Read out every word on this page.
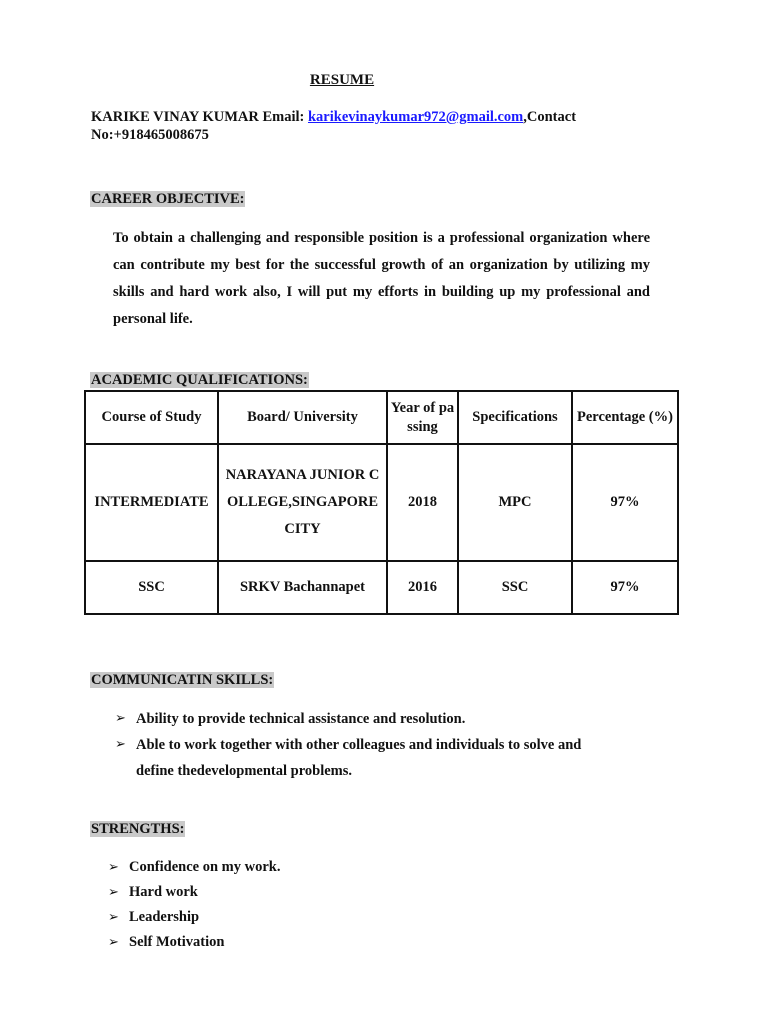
RESUME
KARIKE VINAY KUMAR Email: karikevinaykumar972@gmail.com,Contact No:+918465008675
CAREER OBJECTIVE:

To obtain a challenging and responsible position is a professional organization where can contribute my best for the successful growth of an organization by utilizing my skills and hard work also, I will put my efforts in building up my professional and personal life.

ACADEMIC QUALIFICATIONS:
Course of Study	Board/ University	Year of passing	Specifications	Percentage (%)
INTERMEDIATE	NARAYANA JUNIOR COLLEGE,SINGAPORE CITY	2018	MPC	97%
SSC	SRKV Bachannapet	2016	SSC	97%
COMMUNICATIN SKILLS:
➢ Ability to provide technical assistance and resolution.
➢ Able to work together with other colleagues and individuals to solve and define thedevelopmental problems.
STRENGTHS:
➢ Confidence on my work.
➢ Hard work
➢ Leadership
➢ Self Motivation
